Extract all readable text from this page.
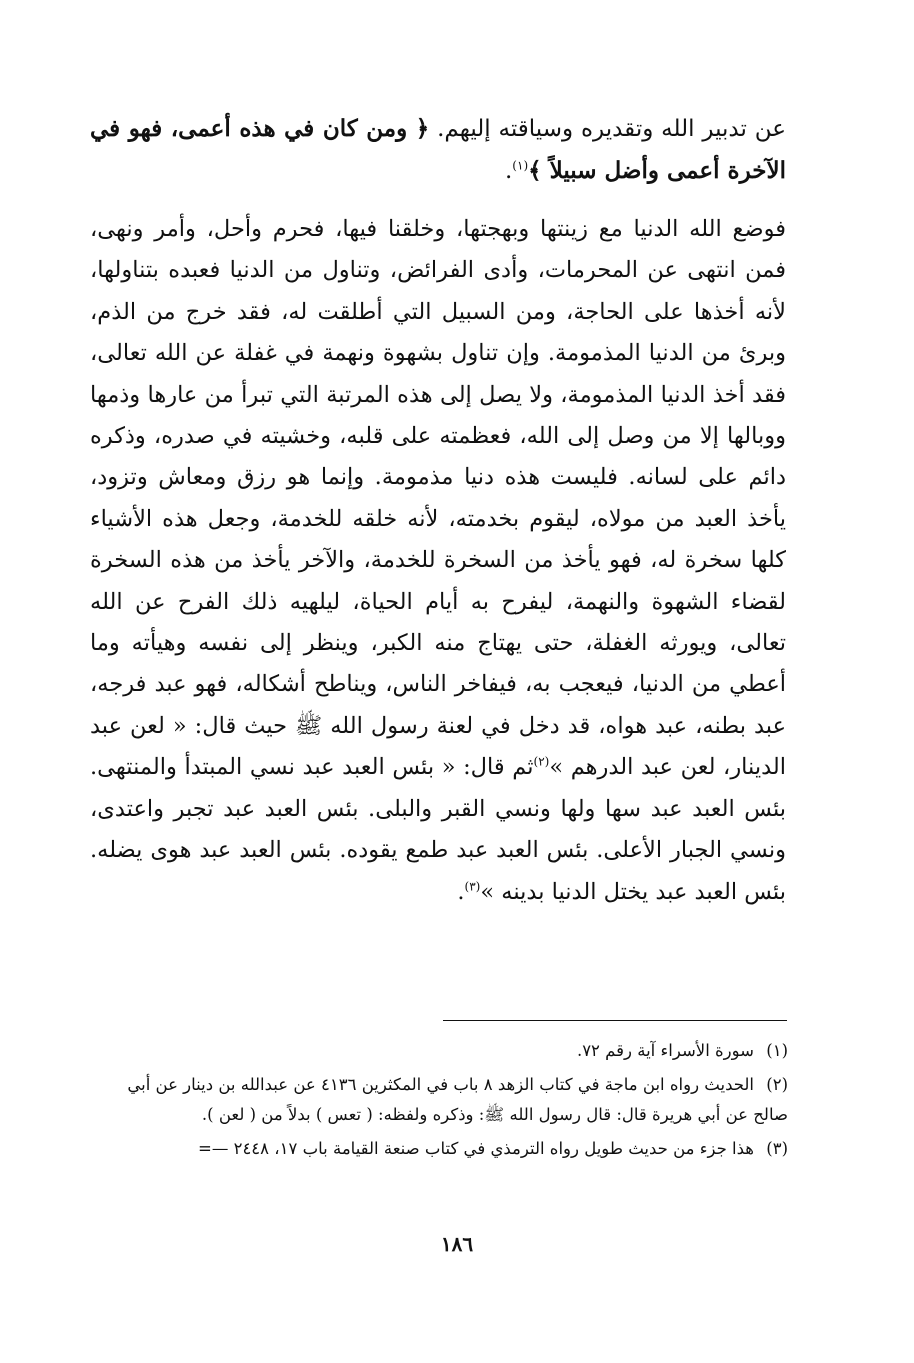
عن تدبير الله وتقديره وسياقته إليهم. ﴿ ومن كان في هذه أعمى، فهو في الآخرة أعمى وأضل سبيلاً ﴾$^{(١)}$.

فوضع الله الدنيا مع زينتها وبهجتها، وخلقنا فيها، فحرم وأحل، وأمر ونهى، فمن انتهى عن المحرمات، وأدى الفرائض، وتناول من الدنيا فعبده بتناولها، لأنه أخذها على الحاجة، ومن السبيل التي أطلقت له، فقد خرج من الذم، وبرئ من الدنيا المذمومة. وإن تناول بشهوة ونهمة في غفلة عن الله تعالى، فقد أخذ الدنيا المذمومة، ولا يصل إلى هذه المرتبة التي تبرأ من عارها وذمها ووبالها إلا من وصل إلى الله، فعظمته على قلبه، وخشيته في صدره، وذكره دائم على لسانه. فليست هذه دنيا مذمومة. وإنما هو رزق ومعاش وتزود، يأخذ العبد من مولاه، ليقوم بخدمته، لأنه خلقه للخدمة، وجعل هذه الأشياء كلها سخرة له، فهو يأخذ من السخرة للخدمة، والآخر يأخذ من هذه السخرة لقضاء الشهوة والنهمة، ليفرح به أيام الحياة، ليلهيه ذلك الفرح عن الله تعالى، ويورثه الغفلة، حتى يهتاج منه الكبر، وينظر إلى نفسه وهيأته وما أعطي من الدنيا، فيعجب به، فيفاخر الناس، ويناطح أشكاله، فهو عبد فرجه، عبد بطنه، عبد هواه، قد دخل في لعنة رسول الله ﷺ حيث قال: « لعن عبد الدينار، لعن عبد الدرهم »$^{(٢)}$ثم قال: « بئس العبد عبد نسي المبتدأ والمنتهى. بئس العبد عبد سها ولها ونسي القبر والبلى. بئس العبد عبد تجبر واعتدى، ونسي الجبار الأعلى. بئس العبد عبد طمع يقوده. بئس العبد عبد هوى يضله. بئس العبد عبد يختل الدنيا بدينه »$^{(٣)}$.

(١)سورة الأسراء آية رقم ٧٢.

(٢)الحديث رواه ابن ماجة في كتاب الزهد ٨ باب في المكثرين ٤١٣٦ عن عبدالله بن دينار عن أبي صالح عن أبي هريرة قال: قال رسول الله ﷺ: وذكره ولفظه: ( تعس ) بدلاً من ( لعن ).

(٣)هذا جزء من حديث طويل رواه الترمذي في كتاب صنعة القيامة باب ١٧، ٢٤٤٨ —=

١٨٦
